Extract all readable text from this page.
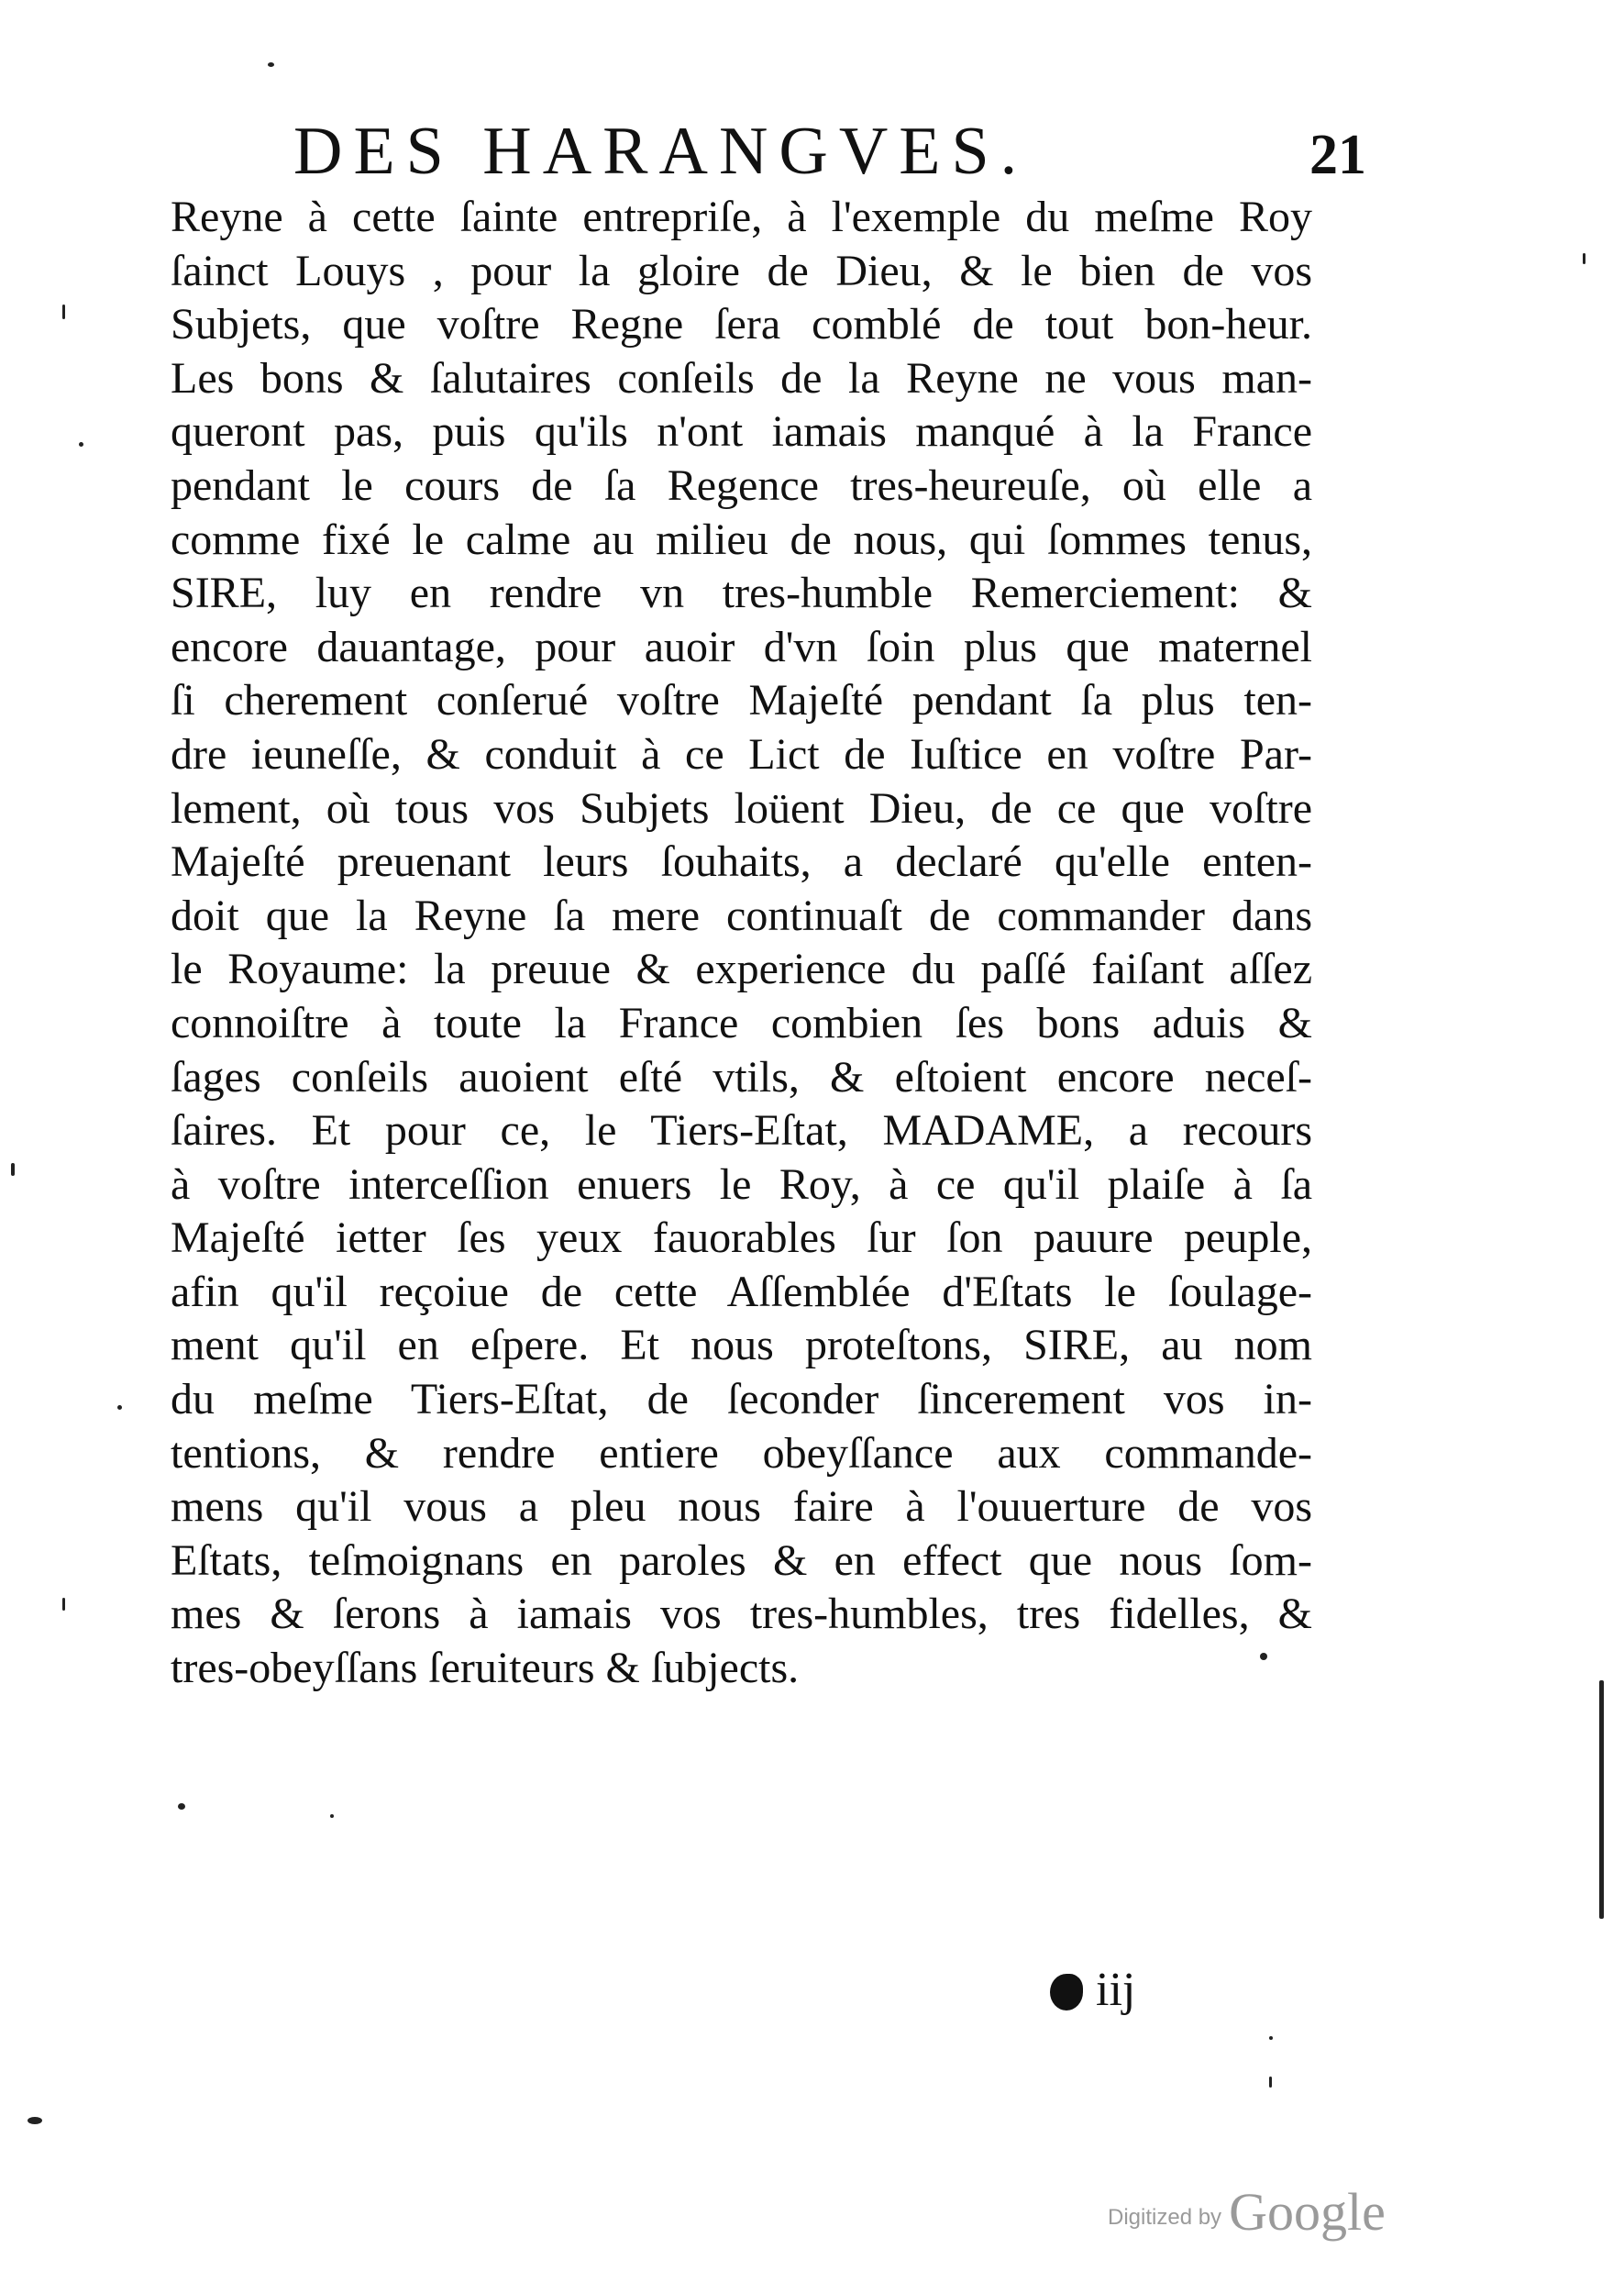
DES HARANGVES.	21
Reyne à cette ſainte entrepriſe, à l'exemple du meſme Roy
ſainct Louys , pour la gloire de Dieu, & le bien de vos
Subjets, que voſtre Regne ſera comblé de tout bon-heur.
Les bons & ſalutaires conſeils de la Reyne ne vous man-
queront pas, puis qu'ils n'ont iamais manqué à la France
pendant le cours de ſa Regence tres-heureuſe, où elle a
comme fixé le calme au milieu de nous, qui ſommes tenus,
SIRE, luy en rendre vn tres-humble Remerciement: &
encore dauantage, pour auoir d'vn ſoin plus que maternel
ſi cherement conſerué voſtre Majeſté pendant ſa plus ten-
dre ieuneſſe, & conduit à ce Lict de Iuſtice en voſtre Par-
lement, où tous vos Subjets loüent Dieu, de ce que voſtre
Majeſté preuenant leurs ſouhaits, a declaré qu'elle enten-
doit que la Reyne ſa mere continuaſt de commander dans
le Royaume: la preuue & experience du paſſé faiſant aſſez
connoiſtre à toute la France combien ſes bons aduis &
ſages conſeils auoient eſté vtils, & eſtoient encore neceſ-
ſaires. Et pour ce, le Tiers-Eſtat, MADAME, a recours
à voſtre interceſſion enuers le Roy, à ce qu'il plaiſe à ſa
Majeſté ietter ſes yeux fauorables ſur ſon pauure peuple,
afin qu'il reçoiue de cette Aſſemblée d'Eſtats le ſoulage-
ment qu'il en eſpere. Et nous proteſtons, SIRE, au nom
du meſme Tiers-Eſtat, de ſeconder ſincerement vos in-
tentions, & rendre entiere obeyſſance aux commande-
mens qu'il vous a pleu nous faire à l'ouuerture de vos
Eſtats, teſmoignans en paroles & en effect que nous ſom-
mes & ſerons à iamais vos tres-humbles, tres fidelles, &
tres-obeyſſans ſeruiteurs & ſubjects.
iij
Digitized by Google
